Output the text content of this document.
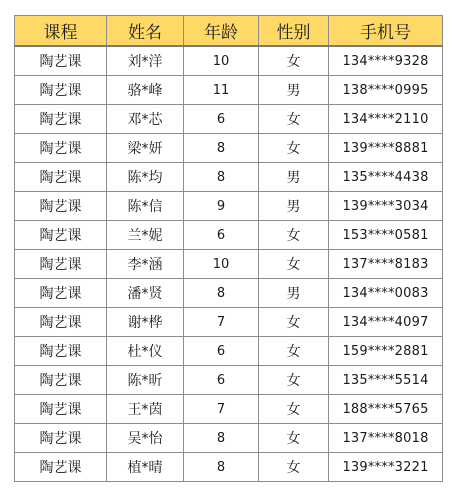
课程	姓名	年龄	性别	手机号
陶艺课	刘*洋	10	女	134****9328
陶艺课	骆*峰	11	男	138****0995
陶艺课	邓*芯	6	女	134****2110
陶艺课	梁*妍	8	女	139****8881
陶艺课	陈*均	8	男	135****4438
陶艺课	陈*信	9	男	139****3034
陶艺课	兰*妮	6	女	153****0581
陶艺课	李*涵	10	女	137****8183
陶艺课	潘*贤	8	男	134****0083
陶艺课	谢*桦	7	女	134****4097
陶艺课	杜*仪	6	女	159****2881
陶艺课	陈*昕	6	女	135****5514
陶艺课	王*茵	7	女	188****5765
陶艺课	吴*怡	8	女	137****8018
陶艺课	植*晴	8	女	139****3221
